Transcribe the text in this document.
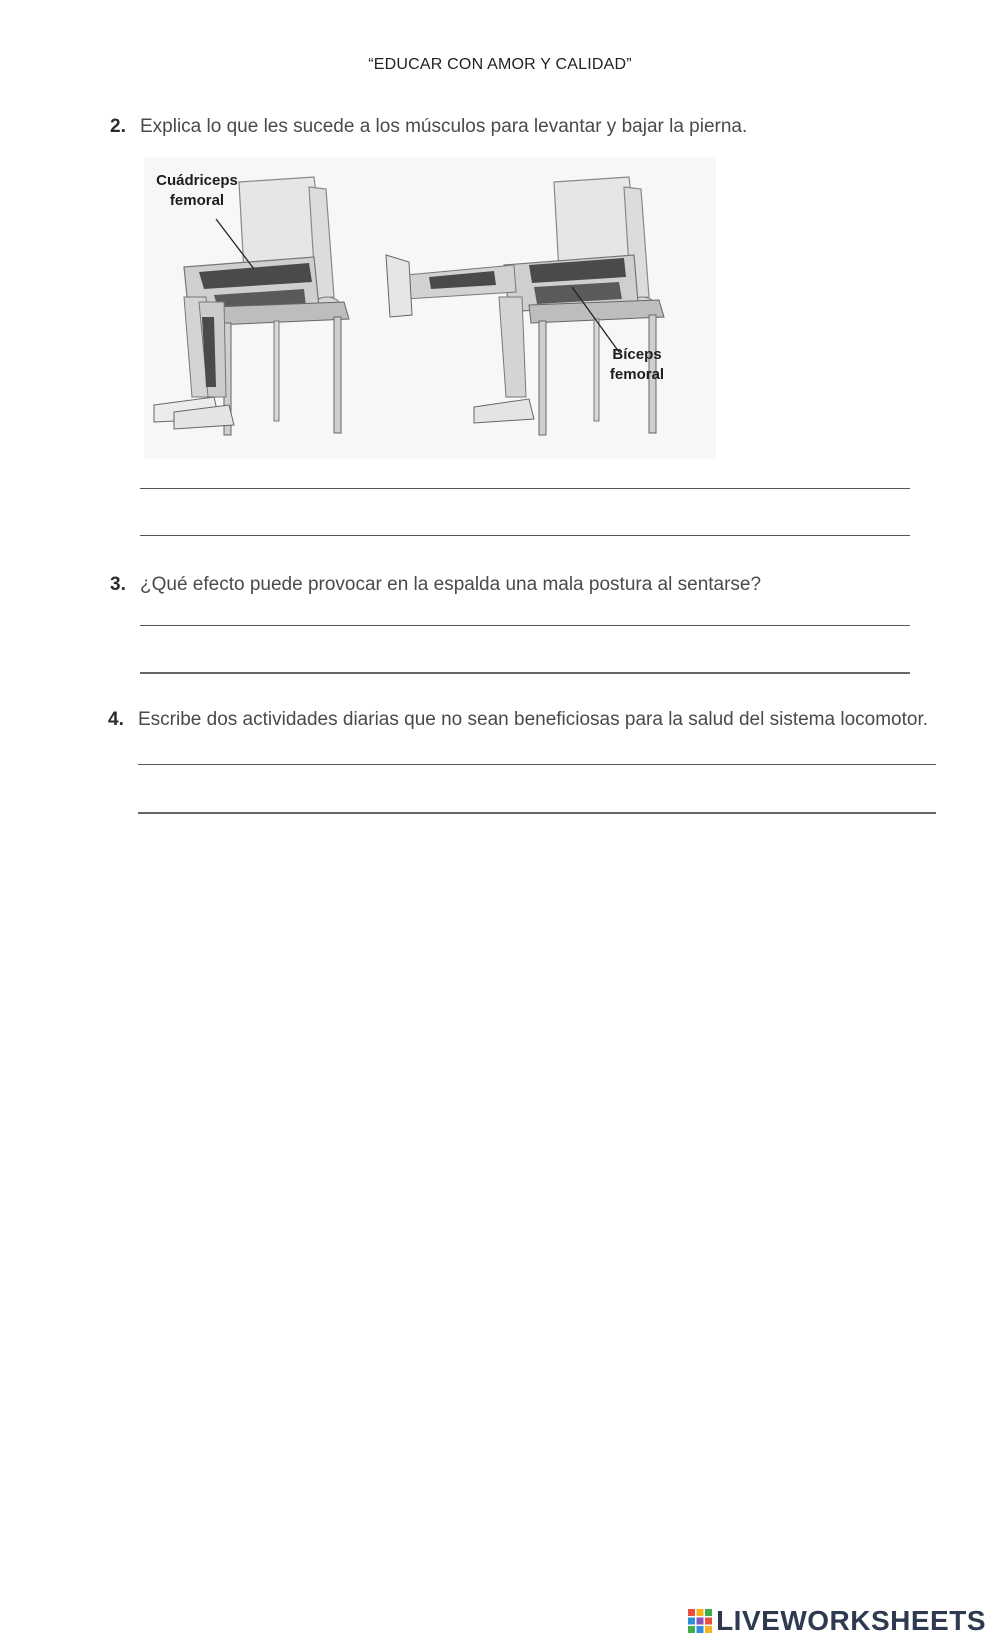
“EDUCAR CON AMOR Y CALIDAD”
2. Explica lo que les sucede a los músculos para levantar y bajar la pierna.
Cuádriceps
femoral
Bíceps
femoral
3. ¿Qué efecto puede provocar en la espalda una mala postura al sentarse?
4. Escribe dos actividades diarias que no sean beneficiosas para la salud del sistema locomotor.
LIVEWORKSHEETS
